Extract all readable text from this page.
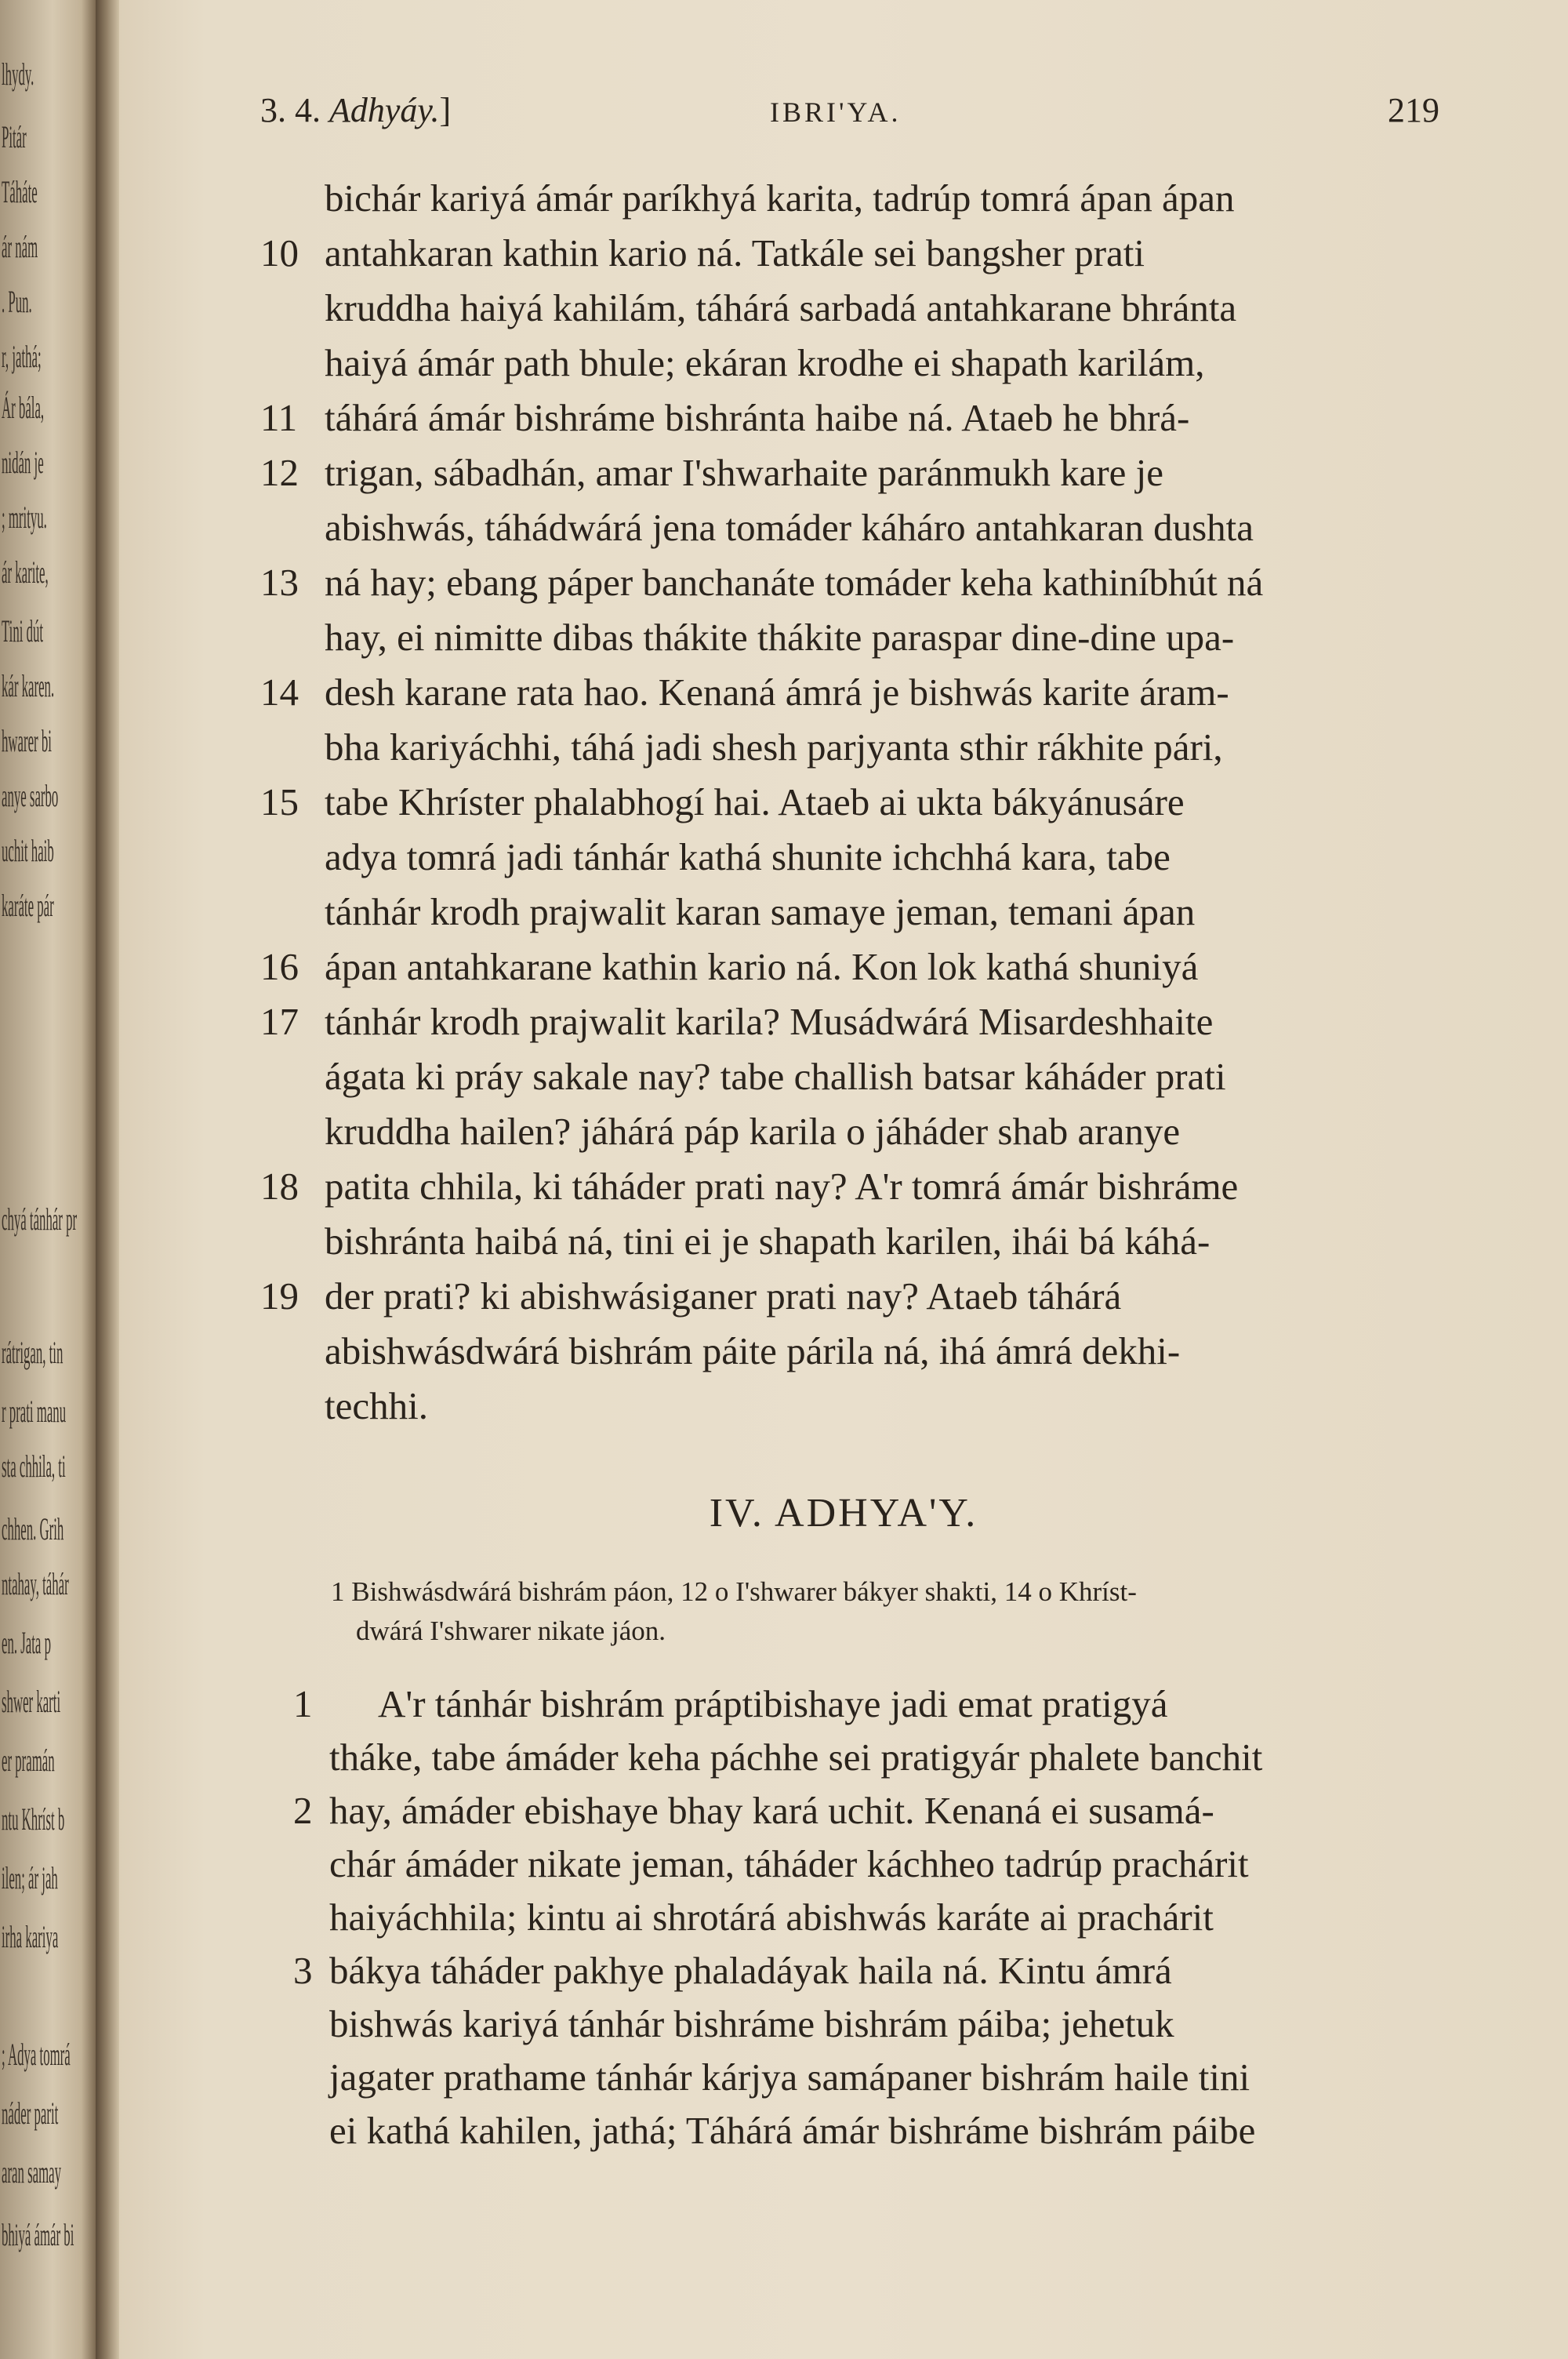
lhydy.
Pitár
Táháte
ár nám
. Pun.
r, jathá;
Ár bála,
nidán je
; mrityu.
ár karite,
Tini dút
kár karen.
hwarer bi
anye sarbo
uchit haib
karáte pár
chyá tánhár pr
rátrigan, tin
r prati manu
sta chhila, ti
chhen. Grih
ntahay, táhár
en. Jata p
shwer karti
er pramán
ntu Khríst b
ilen; ár jah
irha kariya
; Adya tomrá
náder parit
aran samay
bhiyá ámár bi
3. 4. Adhyáy.]	IBRI'YA.	219
bichár kariyá ámár paríkhyá karita, tadrúp tomrá ápan ápan
10 antahkaran kathin kario ná. Tatkále sei bangsher prati
kruddha haiyá kahilám, táhárá sarbadá antahkarane bhránta
haiyá ámár path bhule; ekáran krodhe ei shapath karilám,
11 táhárá ámár bishráme bishránta haibe ná. Ataeb he bhrá-
12 trigan, sábadhán, amar I'shwarhaite paránmukh kare je
abishwás, táhádwárá jena tomáder káháro antahkaran dushta
13 ná hay; ebang páper banchanáte tomáder keha kathiníbhút ná
hay, ei nimitte dibas thákite thákite paraspar dine-dine upa-
14 desh karane rata hao. Kenaná ámrá je bishwás karite áram-
bha kariyáchhi, táhá jadi shesh parjyanta sthir rákhite pári,
15 tabe Khríster phalabhogí hai. Ataeb ai ukta bákyánusáre
adya tomrá jadi tánhár kathá shunite ichchhá kara, tabe
tánhár krodh prajwalit karan samaye jeman, temani ápan
16 ápan antahkarane kathin kario ná. Kon lok kathá shuniyá
17 tánhár krodh prajwalit karila? Musádwárá Misardeshhaite
ágata ki práy sakale nay? tabe challish batsar káháder prati
kruddha hailen? jáhárá páp karila o jáháder shab aranye
18 patita chhila, ki táháder prati nay? A'r tomrá ámár bishráme
bishránta haibá ná, tini ei je shapath karilen, ihái bá káhá-
19 der prati? ki abishwásiganer prati nay? Ataeb táhárá
abishwásdwárá bishrám páite párila ná, ihá ámrá dekhi-
techhi.
IV. ADHYA'Y.
1 Bishwásdwárá bishrám páon, 12 o I'shwarer bákyer shakti, 14 o Khríst-
dwárá I'shwarer nikate jáon.
1	A'r tánhár bishrám práptibishaye jadi emat pratigyá
tháke, tabe ámáder keha páchhe sei pratigyár phalete banchit
2 hay, ámáder ebishaye bhay kará uchit. Kenaná ei susamá-
chár ámáder nikate jeman, táháder káchheo tadrúp prachárit
haiyáchhila; kintu ai shrotárá abishwás karáte ai prachárit
3 bákya táháder pakhye phaladáyak haila ná. Kintu ámrá
bishwás kariyá tánhár bishráme bishrám páiba; jehetuk
jagater prathame tánhár kárjya samápaner bishrám haile tini
ei kathá kahilen, jathá; Táhárá ámár bishráme bishrám páibe
